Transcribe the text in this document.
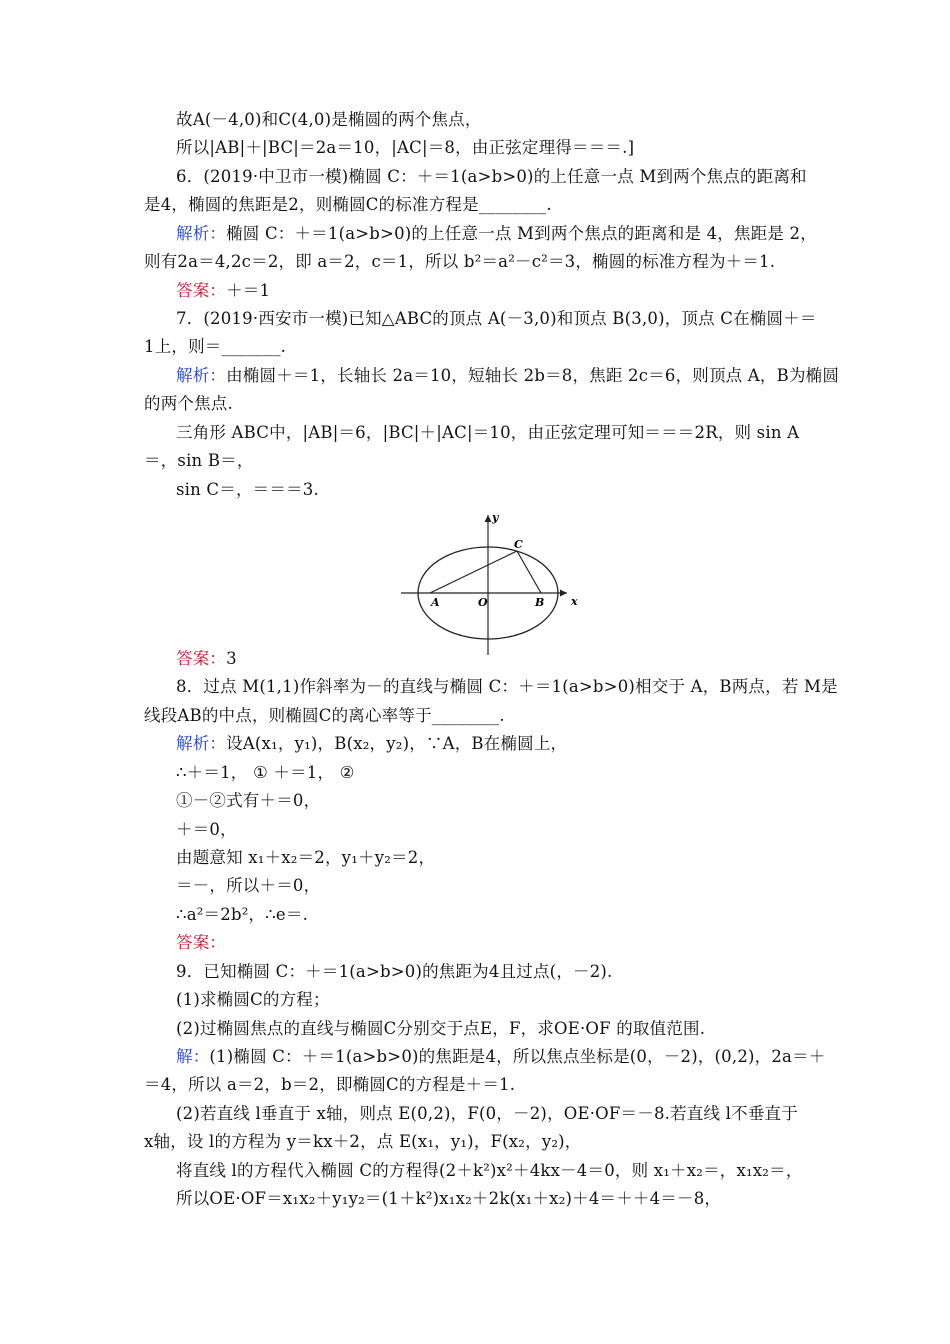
故A(－4,0)和C(4,0)是椭圆的两个焦点，
所以|AB|＋|BC|＝2a＝10，|AC|＝8，由正弦定理得＝＝＝.]
6．(2019·中卫市一模)椭圆 C：＋＝1(a>b>0)的上任意一点 M到两个焦点的距离和
是4，椭圆的焦距是2，则椭圆C的标准方程是________.
解析：椭圆 C：＋＝1(a>b>0)的上任意一点 M到两个焦点的距离和是 4，焦距是 2，
则有2a＝4,2c＝2，即 a＝2，c＝1，所以 b²＝a²－c²＝3，椭圆的标准方程为＋＝1.
答案：＋＝1
7．(2019·西安市一模)已知△ABC的顶点 A(－3,0)和顶点 B(3,0)，顶点 C在椭圆＋＝
1上，则＝_______.
解析：由椭圆＋＝1，长轴长 2a＝10，短轴长 2b＝8，焦距 2c＝6，则顶点 A，B为椭圆
的两个焦点.
三角形 ABC中，|AB|＝6，|BC|＋|AC|＝10，由正弦定理可知＝＝＝2R，则 sin A
＝，sin B＝，
sin C＝，＝＝＝3.
答案：3
8．过点 M(1,1)作斜率为－的直线与椭圆 C：＋＝1(a>b>0)相交于 A，B两点，若 M是
线段AB的中点，则椭圆C的离心率等于________.
解析：设A(x₁，y₁)，B(x₂，y₂)，∵A，B在椭圆上，
∴＋＝1， ① ＋＝1， ②
①－②式有＋＝0，
＋＝0，
由题意知 x₁＋x₂＝2，y₁＋y₂＝2，
＝－，所以＋＝0，
∴a²＝2b²，∴e＝.
答案：
9．已知椭圆 C：＋＝1(a>b>0)的焦距为4且过点(，－2).
(1)求椭圆C的方程；
(2)过椭圆焦点的直线与椭圆C分别交于点E，F，求OE·OF 的取值范围.
解：(1)椭圆 C：＋＝1(a>b>0)的焦距是4，所以焦点坐标是(0，－2)，(0,2)，2a＝＋
＝4，所以 a＝2，b＝2，即椭圆C的方程是＋＝1.
(2)若直线 l垂直于 x轴，则点 E(0,2)，F(0，－2)，OE·OF＝－8.若直线 l不垂直于
x轴，设 l的方程为 y＝kx＋2，点 E(x₁，y₁)，F(x₂，y₂)，
将直线 l的方程代入椭圆 C的方程得(2＋k²)x²＋4kx－4＝0，则 x₁＋x₂＝，x₁x₂＝，
所以OE·OF＝x₁x₂＋y₁y₂＝(1＋k²)x₁x₂＋2k(x₁＋x₂)＋4＝＋＋4＝－8，
y
x
C
A	O	B
